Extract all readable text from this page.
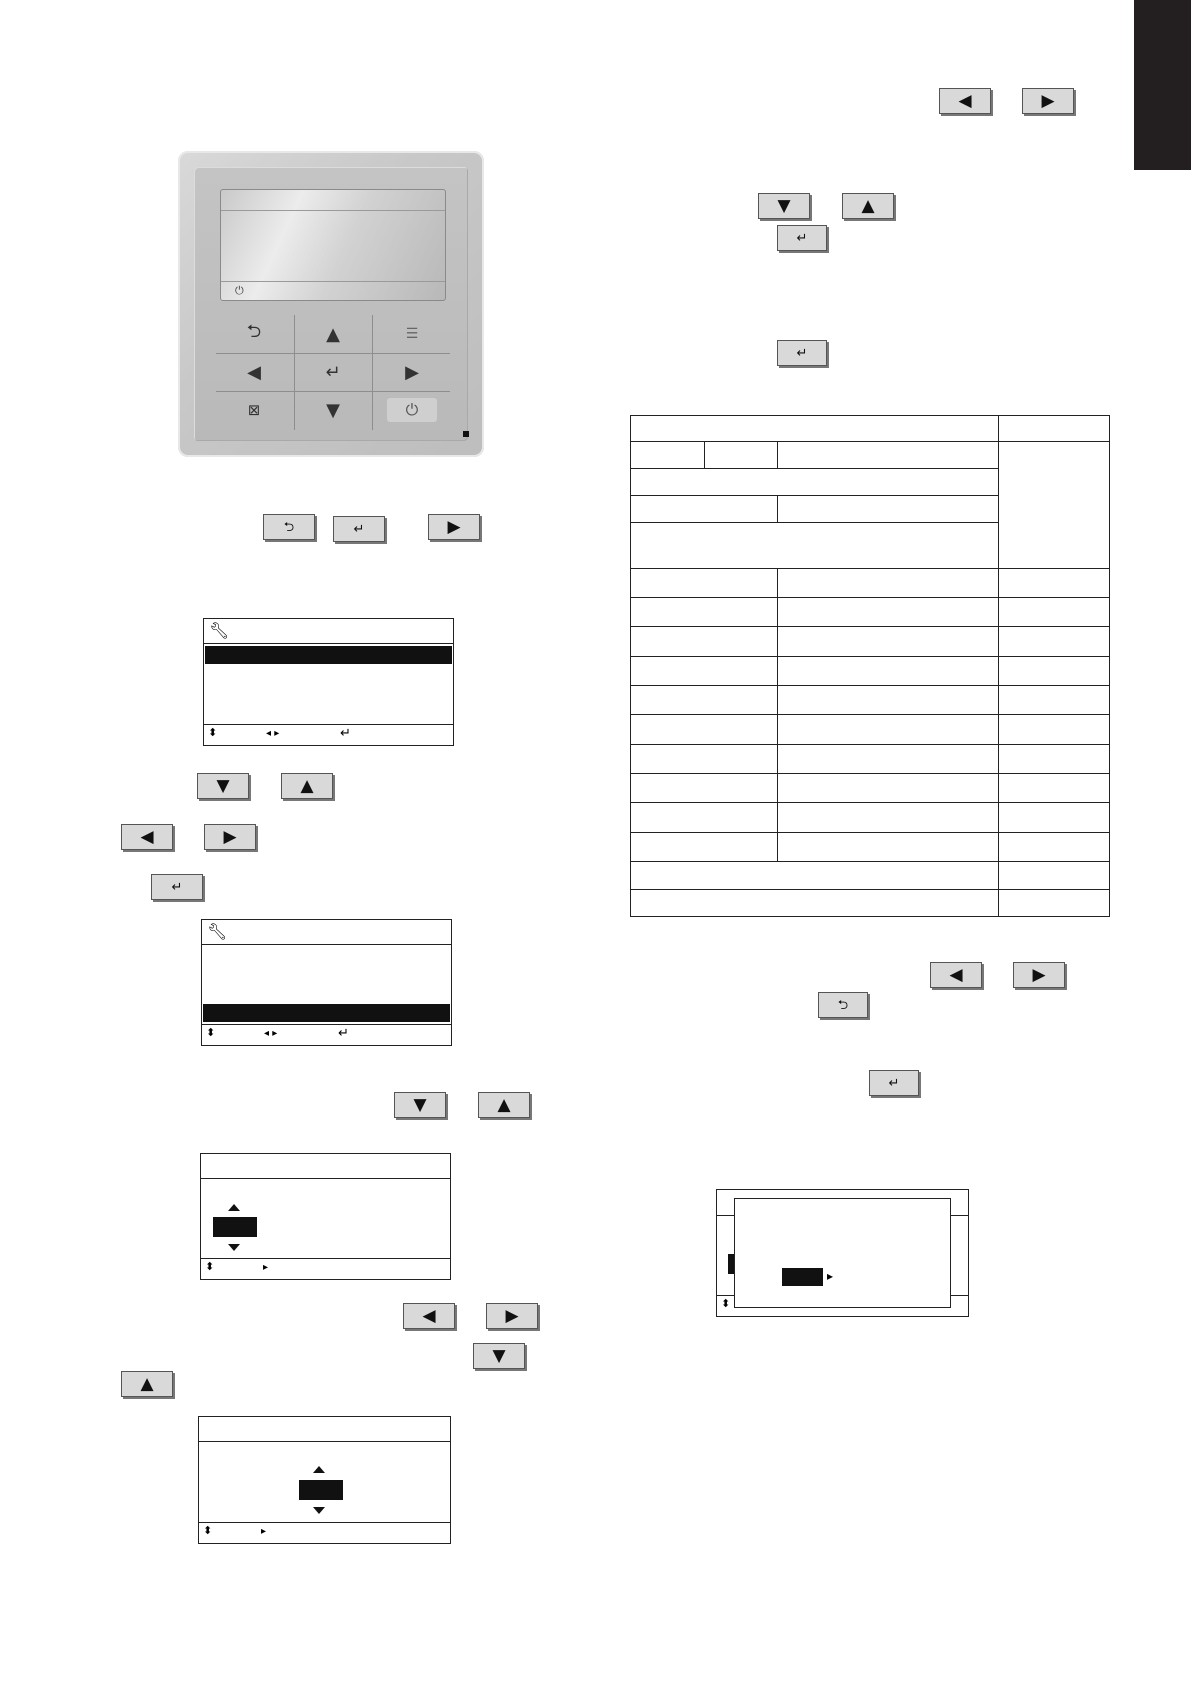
⏻
⮌	▲	☰
◀	↵	▶
⊠	▼	⏻
⮌	↵	▶
🔧︎
⬍	◂ ▸	↵
▼	▲
◀	▶
↵
🔧︎
⬍	◂ ▸	↵
▼	▲
⬍	▸
◀	▶
▼
▲
⬍	▸
◀	▶
▼	▲
↵
↵
◀	▶
⮌
↵
⬍
▸
